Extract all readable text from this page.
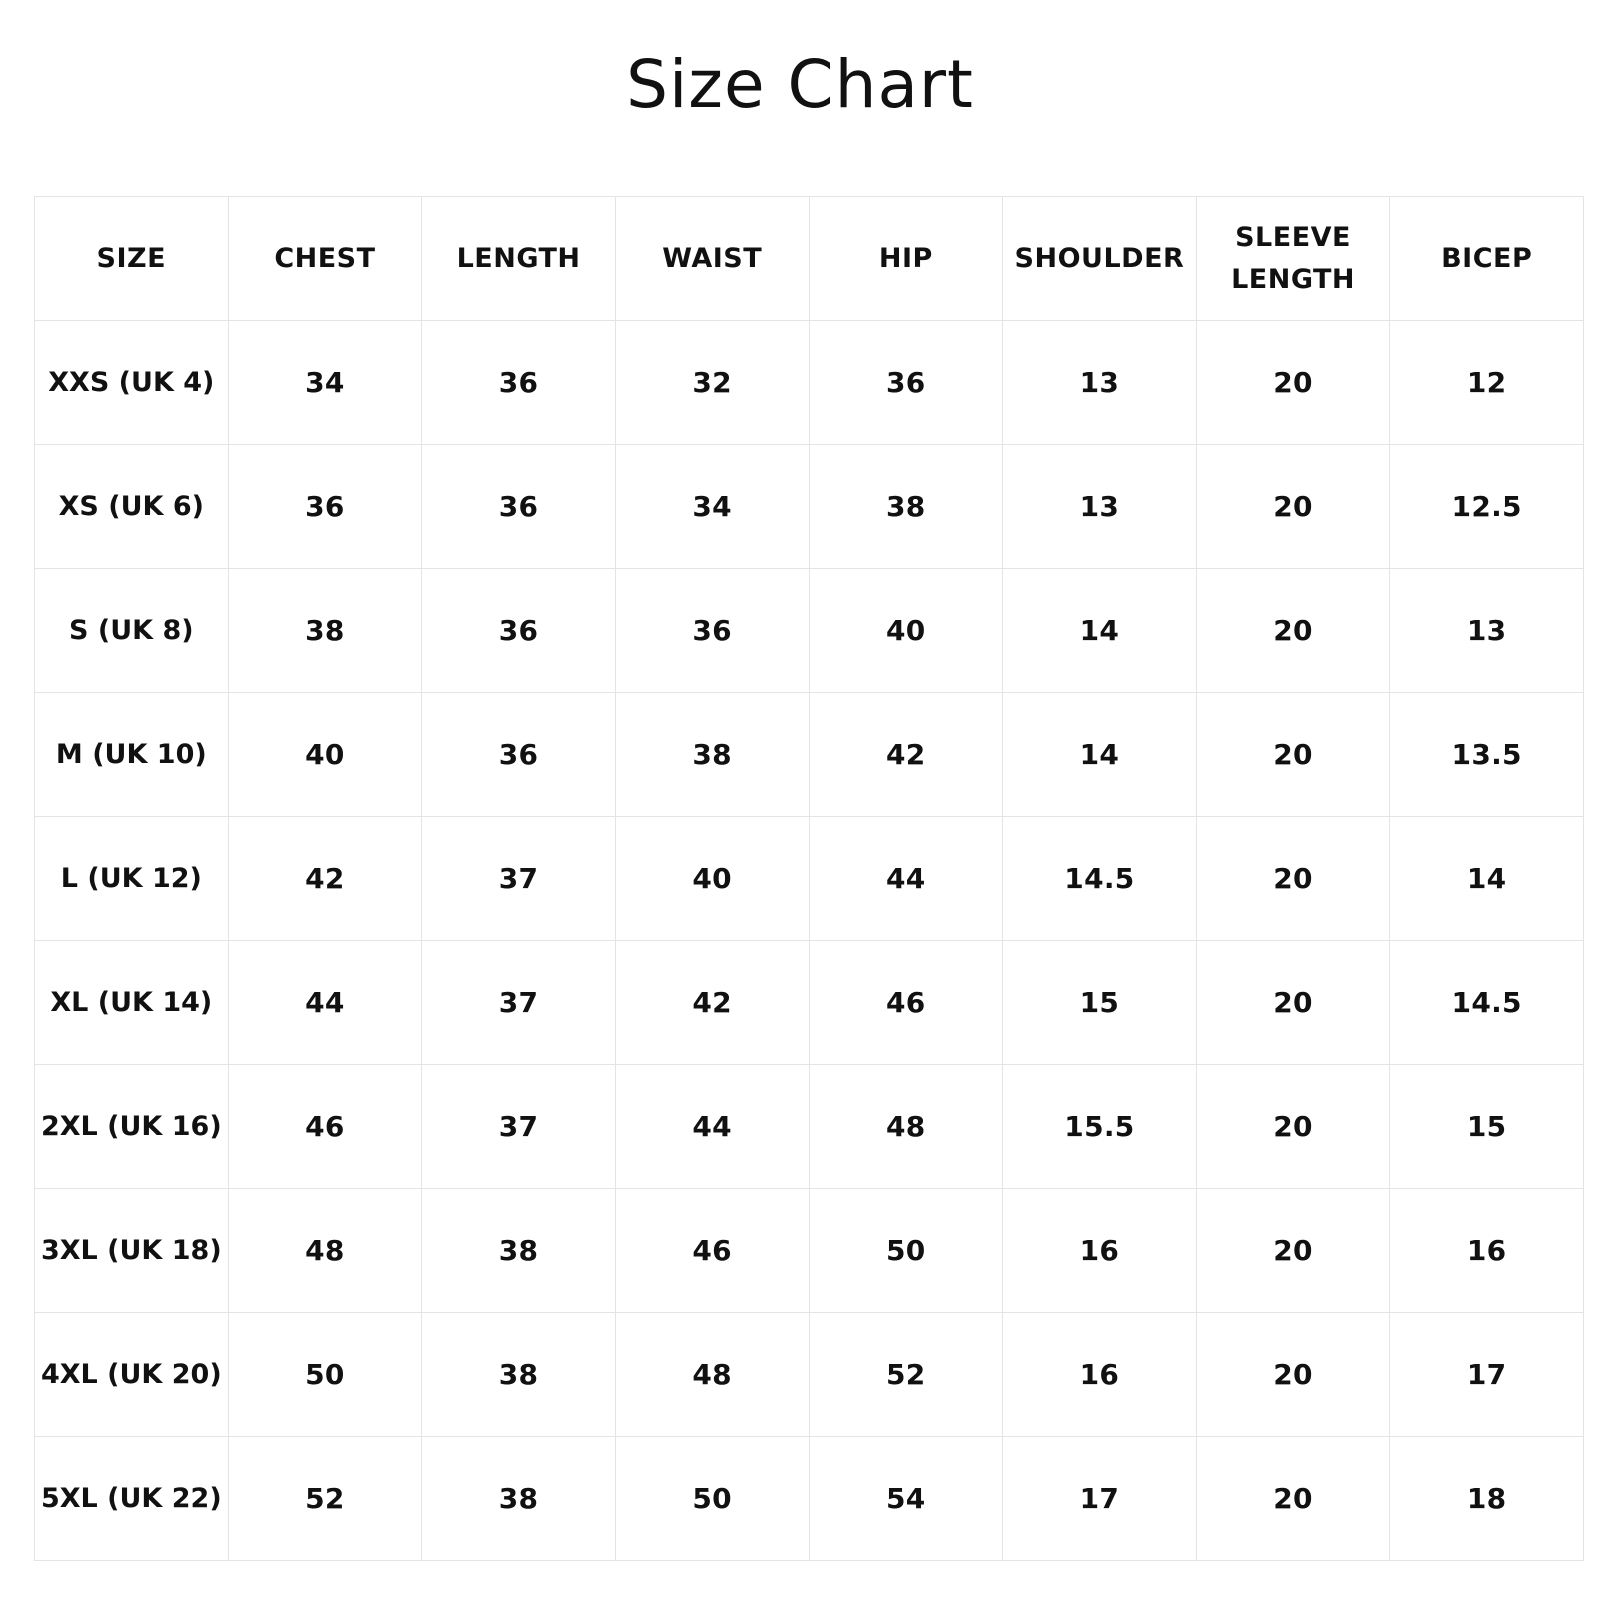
Size Chart
SIZE	CHEST	LENGTH	WAIST	HIP	SHOULDER	SLEEVE LENGTH	BICEP
XXS (UK 4)	34	36	32	36	13	20	12
XS (UK 6)	36	36	34	38	13	20	12.5
S (UK 8)	38	36	36	40	14	20	13
M (UK 10)	40	36	38	42	14	20	13.5
L (UK 12)	42	37	40	44	14.5	20	14
XL (UK 14)	44	37	42	46	15	20	14.5
2XL (UK 16)	46	37	44	48	15.5	20	15
3XL (UK 18)	48	38	46	50	16	20	16
4XL (UK 20)	50	38	48	52	16	20	17
5XL (UK 22)	52	38	50	54	17	20	18
